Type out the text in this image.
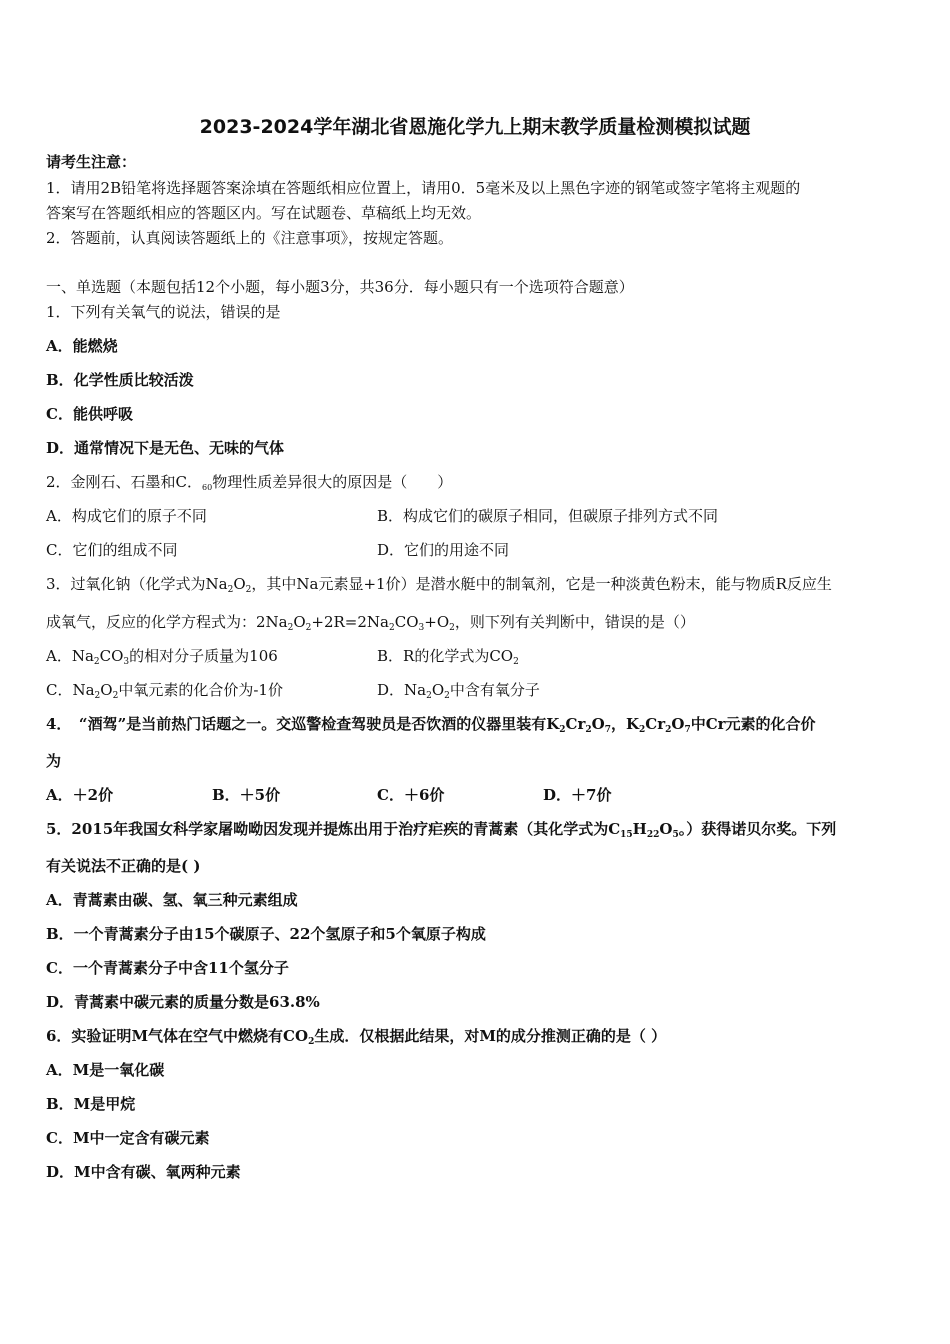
2023-2024学年湖北省恩施化学九上期末教学质量检测模拟试题
请考生注意：
1．请用2B铅笔将选择题答案涂填在答题纸相应位置上，请用0．5毫米及以上黑色字迹的钢笔或签字笔将主观题的
答案写在答题纸相应的答题区内。写在试题卷、草稿纸上均无效。
2．答题前，认真阅读答题纸上的《注意事项》，按规定答题。
一、单选题（本题包括12个小题，每小题3分，共36分．每小题只有一个选项符合题意）
1．下列有关氧气的说法，错误的是
A．能燃烧
B．化学性质比较活泼
C．能供呼吸
D．通常情况下是无色、无味的气体
2．金刚石、石墨和C．$_{60}$物理性质差异很大的原因是（　　）
A．构成它们的原子不同	B．构成它们的碳原子相同，但碳原子排列方式不同
C．它们的组成不同	D．它们的用途不同
3．过氧化钠（化学式为$Na_2O_2$，其中Na元素显+1价）是潜水艇中的制氧剂，它是一种淡黄色粉末，能与物质R反应生
成氧气，反应的化学方程式为：$2Na_2O_2+2R=2Na_2CO_3+O_2$，则下列有关判断中，错误的是（）
A．$Na_2CO_3$的相对分子质量为106	B．R的化学式为$CO_2$
C．$Na_2O_2$中氧元素的化合价为-1价	D．$Na_2O_2$中含有氧分子
4．　“酒驾”是当前热门话题之一。交巡警检查驾驶员是否饮酒的仪器里装有$K_2Cr_2O_7$，$K_2Cr_2O_7$中Cr元素的化合价
为
A．＋2价	B．＋5价	C．＋6价	D．＋7价
5．2015年我国女科学家屠呦呦因发现并提炼出用于治疗疟疾的青蒿素（其化学式为$C_{15}H_{22}O_5$。）获得诺贝尔奖。下列
有关说法不正确的是( )
A．青蒿素由碳、氢、氧三种元素组成
B．一个青蒿素分子由15个碳原子、22个氢原子和5个氧原子构成
C．一个青蒿素分子中含11个氢分子
D．青蒿素中碳元素的质量分数是63.8%
6．实验证明M气体在空气中燃烧有$CO_2$生成．仅根据此结果，对M的成分推测正确的是（ ）
A．M是一氧化碳
B．M是甲烷
C．M中一定含有碳元素
D．M中含有碳、氧两种元素
